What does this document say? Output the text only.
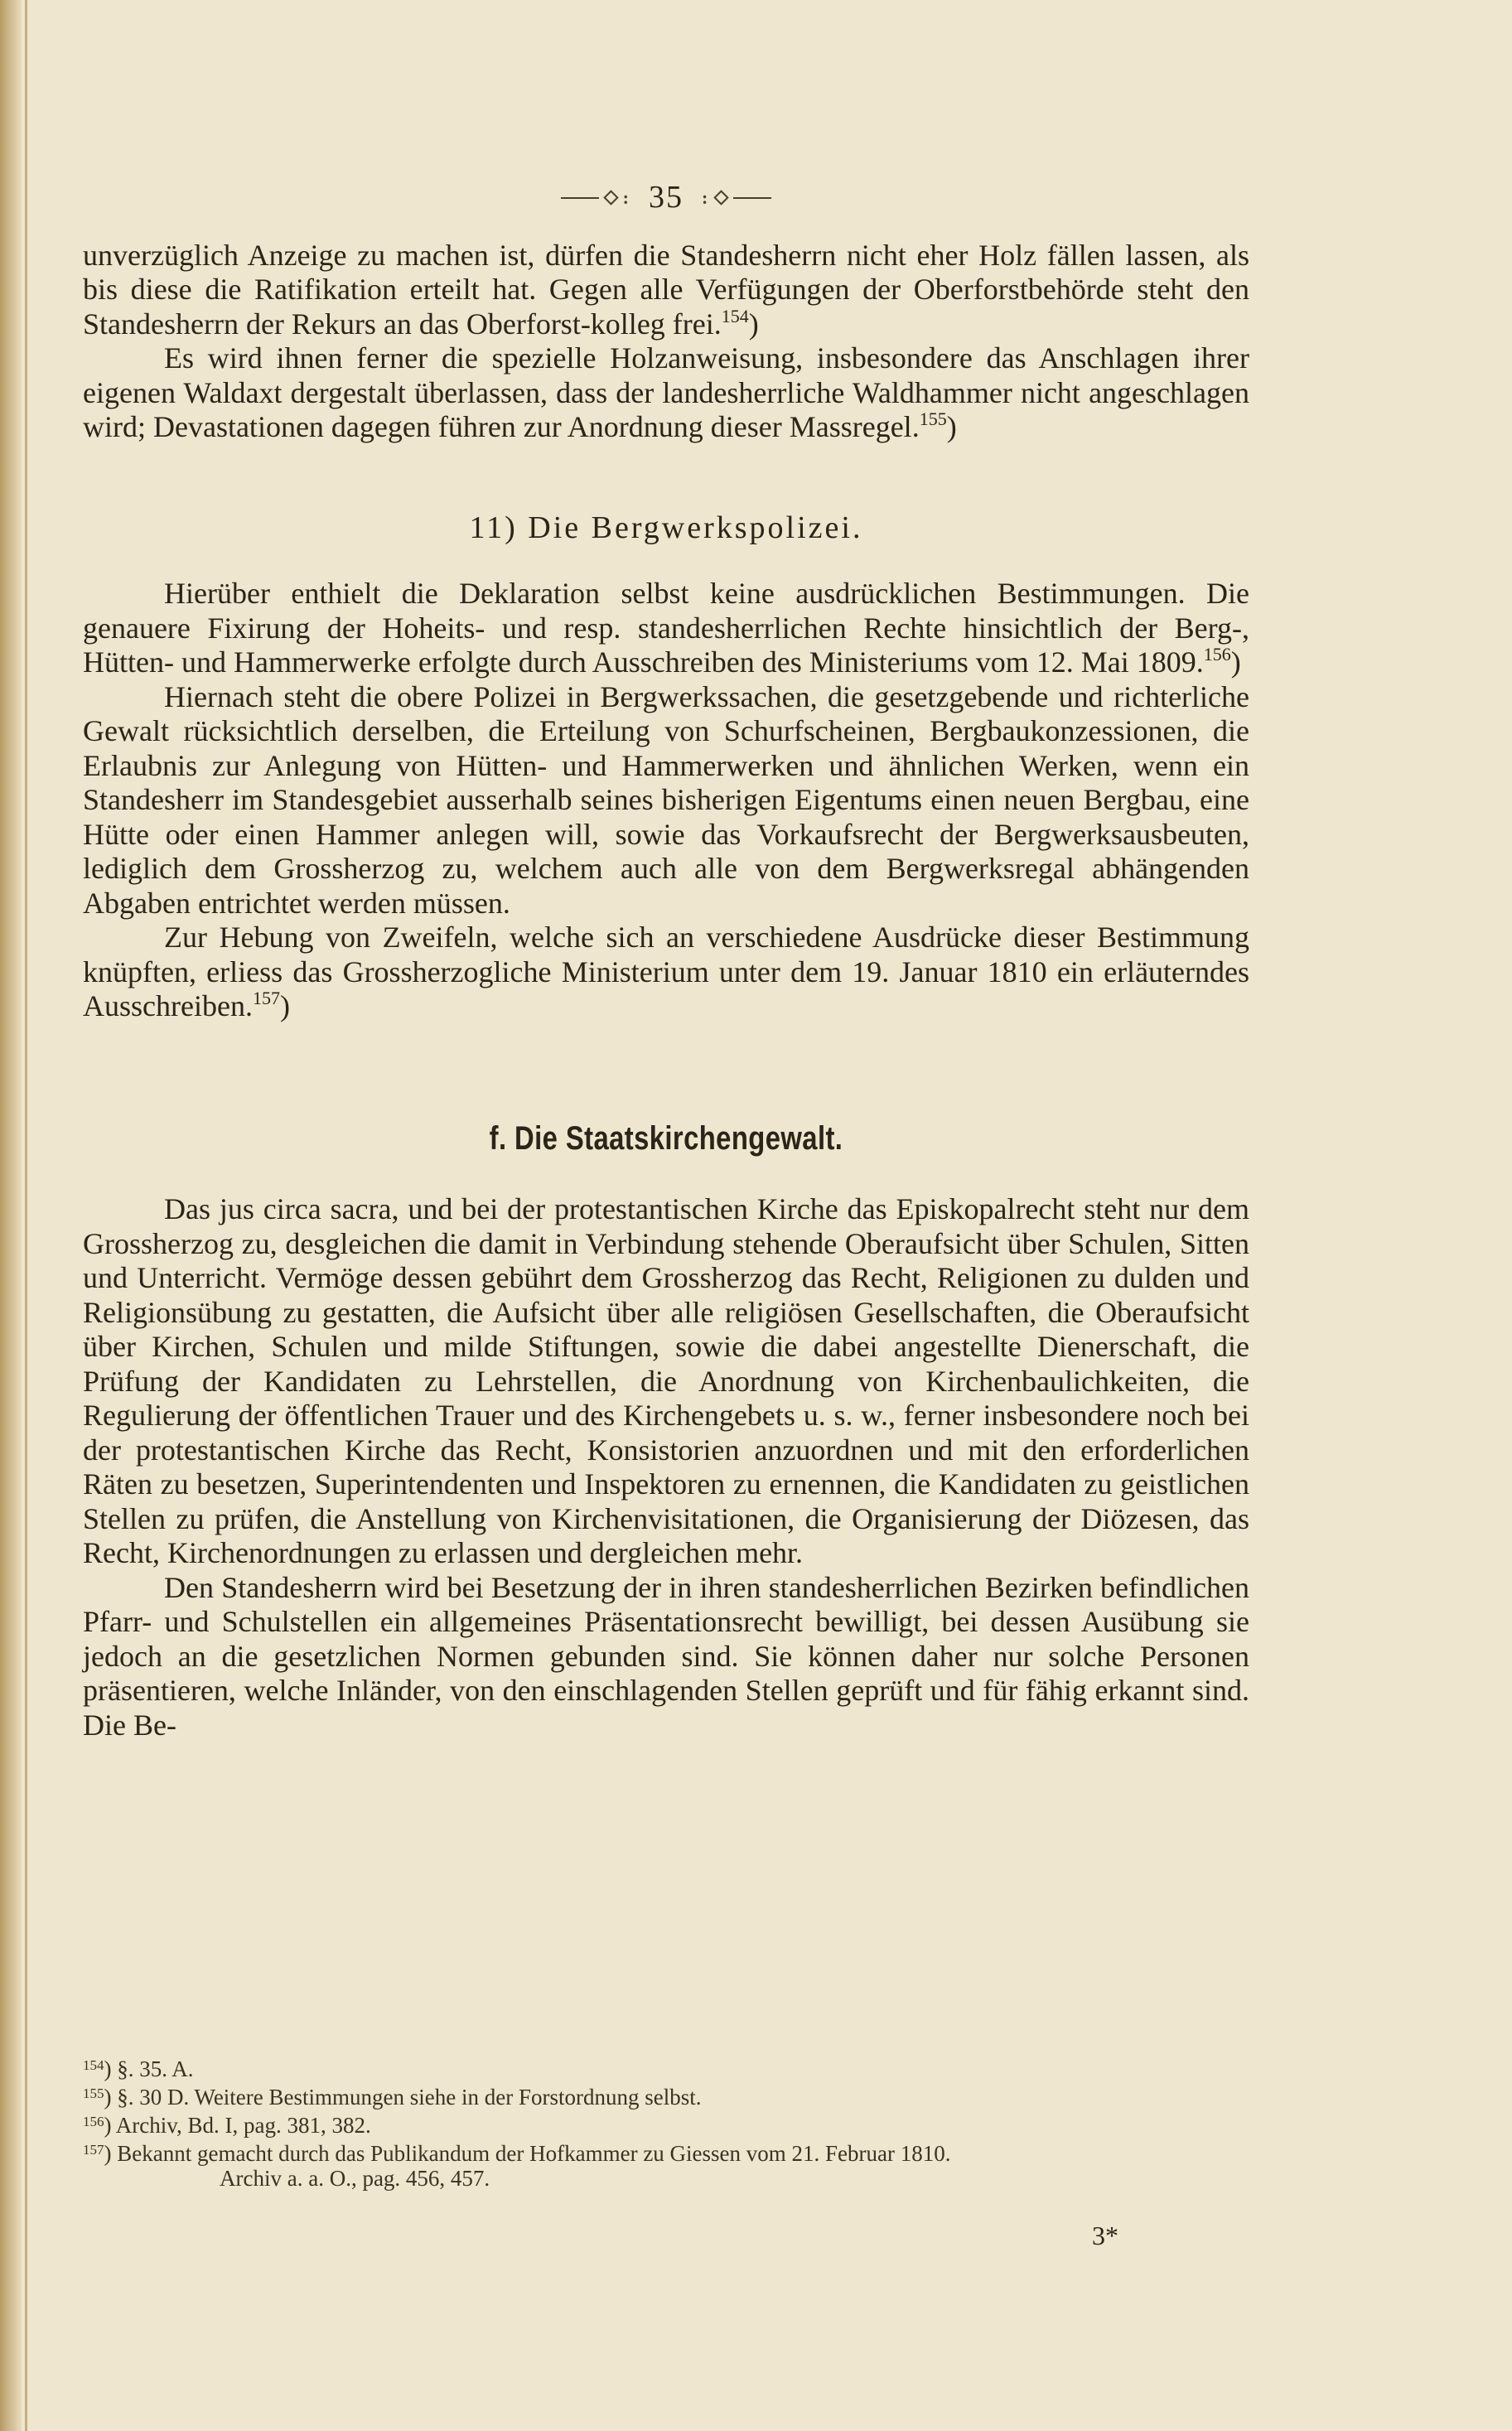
: 35 :

unverzüglich Anzeige zu machen ist, dürfen die Standesherrn nicht eher Holz fällen lassen, als bis diese die Ratifikation erteilt hat. Gegen alle Verfügungen der Oberforstbehörde steht den Standesherrn der Rekurs an das Oberforst-kolleg frei.$^{154}$)

Es wird ihnen ferner die spezielle Holzanweisung, insbesondere das Anschlagen ihrer eigenen Waldaxt dergestalt überlassen, dass der landesherrliche Waldhammer nicht angeschlagen wird; Devastationen dagegen führen zur Anordnung dieser Massregel.$^{155}$)

11) Die Bergwerkspolizei.

Hierüber enthielt die Deklaration selbst keine ausdrücklichen Bestimmungen. Die genauere Fixirung der Hoheits- und resp. standesherrlichen Rechte hinsichtlich der Berg-, Hütten- und Hammerwerke erfolgte durch Ausschreiben des Ministeriums vom 12. Mai 1809.$^{156}$)

Hiernach steht die obere Polizei in Bergwerkssachen, die gesetzgebende und richterliche Gewalt rücksichtlich derselben, die Erteilung von Schurfscheinen, Bergbaukonzessionen, die Erlaubnis zur Anlegung von Hütten- und Hammerwerken und ähnlichen Werken, wenn ein Standesherr im Standesgebiet ausserhalb seines bisherigen Eigentums einen neuen Bergbau, eine Hütte oder einen Hammer anlegen will, sowie das Vorkaufsrecht der Bergwerksausbeuten, lediglich dem Grossherzog zu, welchem auch alle von dem Bergwerksregal abhängenden Abgaben entrichtet werden müssen.

Zur Hebung von Zweifeln, welche sich an verschiedene Ausdrücke dieser Bestimmung knüpften, erliess das Grossherzogliche Ministerium unter dem 19. Januar 1810 ein erläuterndes Ausschreiben.$^{157}$)

f. Die Staatskirchengewalt.

Das jus circa sacra, und bei der protestantischen Kirche das Episkopalrecht steht nur dem Grossherzog zu, desgleichen die damit in Verbindung stehende Oberaufsicht über Schulen, Sitten und Unterricht. Vermöge dessen gebührt dem Grossherzog das Recht, Religionen zu dulden und Religionsübung zu gestatten, die Aufsicht über alle religiösen Gesellschaften, die Oberaufsicht über Kirchen, Schulen und milde Stiftungen, sowie die dabei angestellte Dienerschaft, die Prüfung der Kandidaten zu Lehrstellen, die Anordnung von Kirchenbaulichkeiten, die Regulierung der öffentlichen Trauer und des Kirchengebets u. s. w., ferner insbesondere noch bei der protestantischen Kirche das Recht, Konsistorien anzuordnen und mit den erforderlichen Räten zu besetzen, Superintendenten und Inspektoren zu ernennen, die Kandidaten zu geistlichen Stellen zu prüfen, die Anstellung von Kirchenvisitationen, die Organisierung der Diözesen, das Recht, Kirchenordnungen zu erlassen und dergleichen mehr.

Den Standesherrn wird bei Besetzung der in ihren standesherrlichen Bezirken befindlichen Pfarr- und Schulstellen ein allgemeines Präsentationsrecht bewilligt, bei dessen Ausübung sie jedoch an die gesetzlichen Normen gebunden sind. Sie können daher nur solche Personen präsentieren, welche Inländer, von den einschlagenden Stellen geprüft und für fähig erkannt sind. Die Be-

$^{154}$) §. 35. A.
$^{155}$) §. 30 D. Weitere Bestimmungen siehe in der Forstordnung selbst.
$^{156}$) Archiv, Bd. I, pag. 381, 382.
$^{157}$) Bekannt gemacht durch das Publikandum der Hofkammer zu Giessen vom 21. Februar 1810.
Archiv a. a. O., pag. 456, 457.
3*
